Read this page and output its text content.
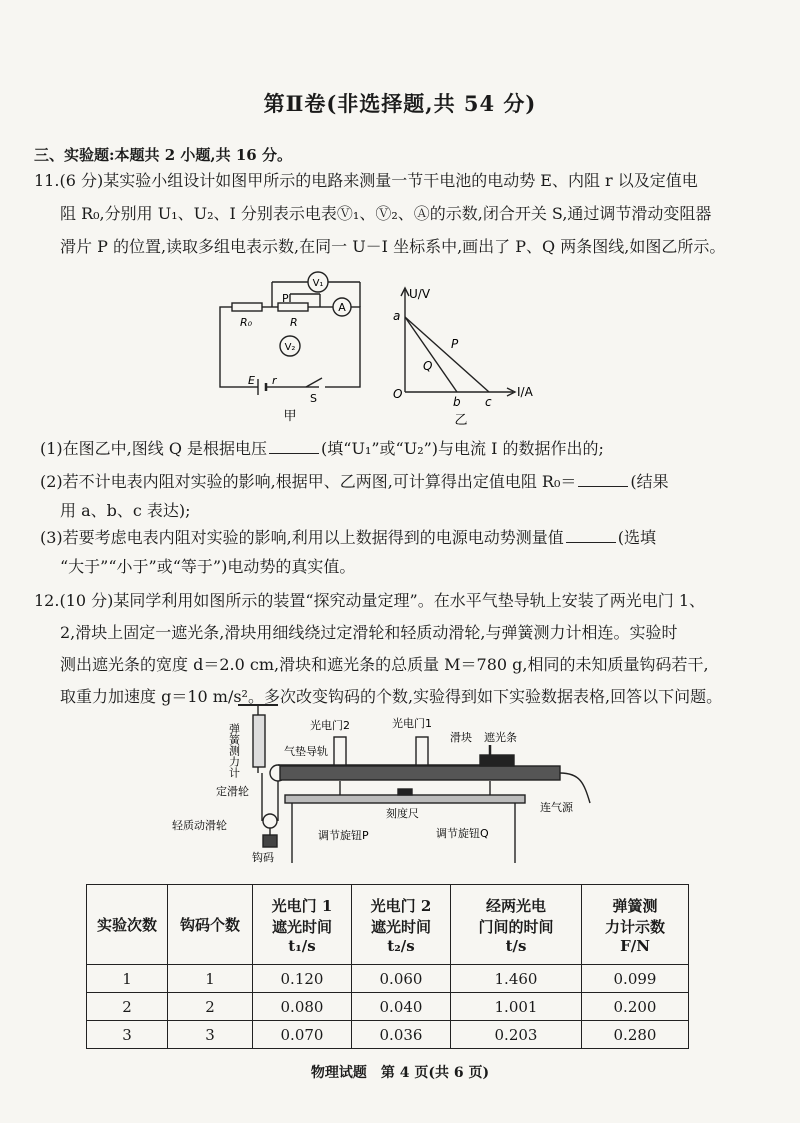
第Ⅱ卷(非选择题,共 54 分)
三、实验题:本题共 2 小题,共 16 分。
11.(6 分)某实验小组设计如图甲所示的电路来测量一节干电池的电动势 E、内阻 r 以及定值电
阻 R₀,分别用 U₁、U₂、I 分别表示电表Ⓥ₁、Ⓥ₂、Ⓐ的示数,闭合开关 S,通过调节滑动变阻器
滑片 P 的位置,读取多组电表示数,在同一 U－I 坐标系中,画出了 P、Q 两条图线,如图乙所示。
V₁
A
V₂
R₀	R
P
E r
S
甲
U/V
I/A
O
a
b c
P
Q
乙
(1)在图乙中,图线 Q 是根据电压	(填“U₁”或“U₂”)与电流 I 的数据作出的;
(2)若不计电表内阻对实验的影响,根据甲、乙两图,可计算得出定值电阻 R₀＝	(结果
用 a、b、c 表达);
(3)若要考虑电表内阻对实验的影响,利用以上数据得到的电源电动势测量值	(选填
“大于”“小于”或“等于”)电动势的真实值。
12.(10 分)某同学利用如图所示的装置“探究动量定理”。在水平气垫导轨上安装了两光电门 1、
2,滑块上固定一遮光条,滑块用细线绕过定滑轮和轻质动滑轮,与弹簧测力计相连。实验时
测出遮光条的宽度 d＝2.0 cm,滑块和遮光条的总质量 M＝780 g,相同的未知质量钩码若干,
取重力加速度 g＝10 m/s²。多次改变钩码的个数,实验得到如下实验数据表格,回答以下问题。
弹簧测力计	光电门2	光电门1
滑块 遮光条
气垫导轨
定滑轮
轻质动滑轮
钩码
刻度尺
调节旋钮P	调节旋钮Q
连气源
实验次数	钩码个数	光电门 1
遮光时间
t₁/s	光电门 2
遮光时间
t₂/s	经两光电
门间的时间
t/s	弹簧测
力计示数
F/N
1	1	0.120	0.060	1.460	0.099
2	2	0.080	0.040	1.001	0.200
3	3	0.070	0.036	0.203	0.280
物理试题　第 4 页(共 6 页)
